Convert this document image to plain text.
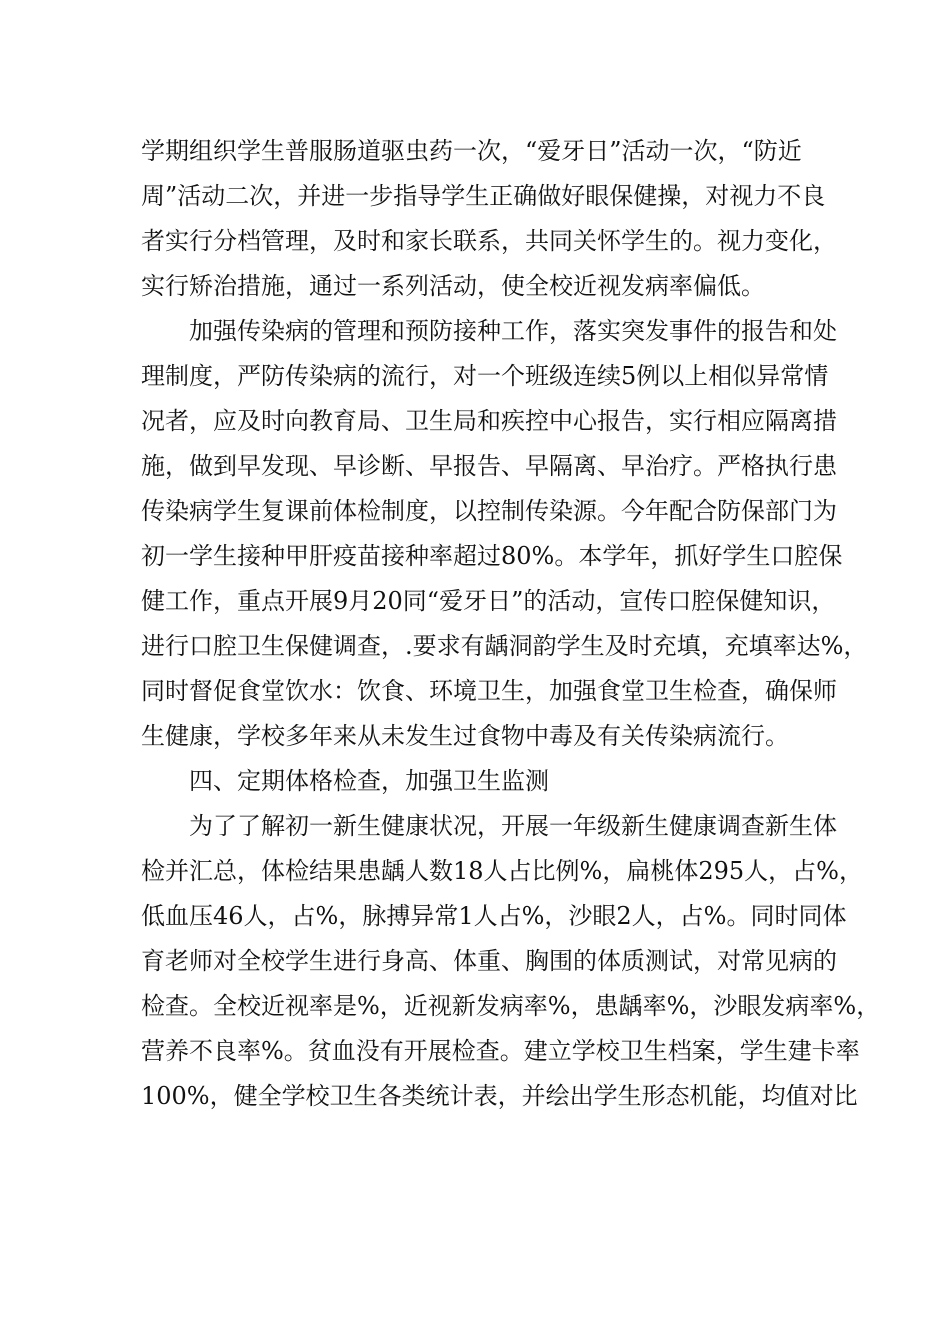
学期组织学生普服肠道驱虫药一次，“爱牙日”活动一次，“防近
周”活动二次，并进一步指导学生正确做好眼保健操，对视力不良
者实行分档管理，及时和家长联系，共同关怀学生的。视力变化，
实行矫治措施，通过一系列活动，使全校近视发病率偏低。
加强传染病的管理和预防接种工作，落实突发事件的报告和处
理制度，严防传染病的流行，对一个班级连续5例以上相似异常情
况者，应及时向教育局、卫生局和疾控中心报告，实行相应隔离措
施，做到早发现、早诊断、早报告、早隔离、早治疗。严格执行患
传染病学生复课前体检制度，以控制传染源。今年配合防保部门为
初一学生接种甲肝疫苗接种率超过80%。本学年，抓好学生口腔保
健工作，重点开展9月20同“爱牙日”的活动，宣传口腔保健知识，
进行口腔卫生保健调查，.要求有龋洞韵学生及时充填，充填率达%，
同时督促食堂饮水：饮食、环境卫生，加强食堂卫生检查，确保师
生健康，学校多年来从未发生过食物中毒及有关传染病流行。
四、定期体格检查，加强卫生监测
为了了解初一新生健康状况，开展一年级新生健康调查新生体
检并汇总，体检结果患龋人数18人占比例%，扁桃体295人，占%，
低血压46人，占%，脉搏异常1人占%，沙眼2人，占%。同时同体
育老师对全校学生进行身高、体重、胸围的体质测试，对常见病的
检查。全校近视率是%，近视新发病率%，患龋率%，沙眼发病率%，
营养不良率%。贫血没有开展检查。建立学校卫生档案，学生建卡率
100%，健全学校卫生各类统计表，并绘出学生形态机能，均值对比
